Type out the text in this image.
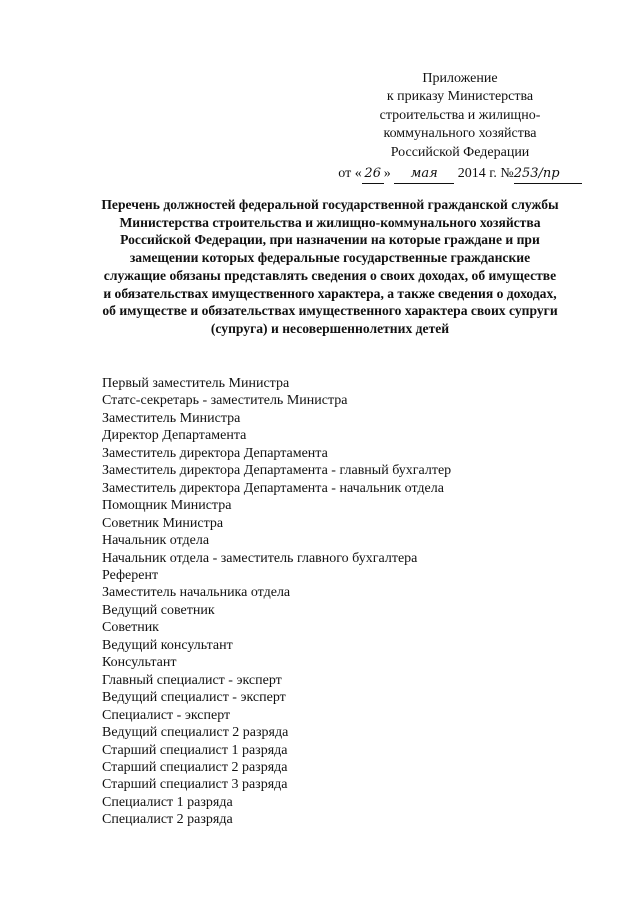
Приложение
к приказу Министерства
строительства и жилищно-
коммунального хозяйства
Российской Федерации
от « 26 » мая 2014 г. №253/пр
Перечень должностей федеральной государственной гражданской службы
Министерства строительства и жилищно-коммунального хозяйства
Российской Федерации, при назначении на которые граждане и при
замещении которых федеральные государственные гражданские
служащие обязаны представлять сведения о своих доходах, об имуществе
и обязательствах имущественного характера, а также сведения о доходах,
об имуществе и обязательствах имущественного характера своих супруги
(супруга) и несовершеннолетних детей
Первый заместитель Министра
Статс-секретарь - заместитель Министра
Заместитель Министра
Директор Департамента
Заместитель директора Департамента
Заместитель директора Департамента - главный бухгалтер
Заместитель директора Департамента - начальник отдела
Помощник Министра
Советник Министра
Начальник отдела
Начальник отдела - заместитель главного бухгалтера
Референт
Заместитель начальника отдела
Ведущий советник
Советник
Ведущий консультант
Консультант
Главный специалист - эксперт
Ведущий специалист - эксперт
Специалист - эксперт
Ведущий специалист 2 разряда
Старший специалист 1 разряда
Старший специалист 2 разряда
Старший специалист 3 разряда
Специалист 1 разряда
Специалист 2 разряда
